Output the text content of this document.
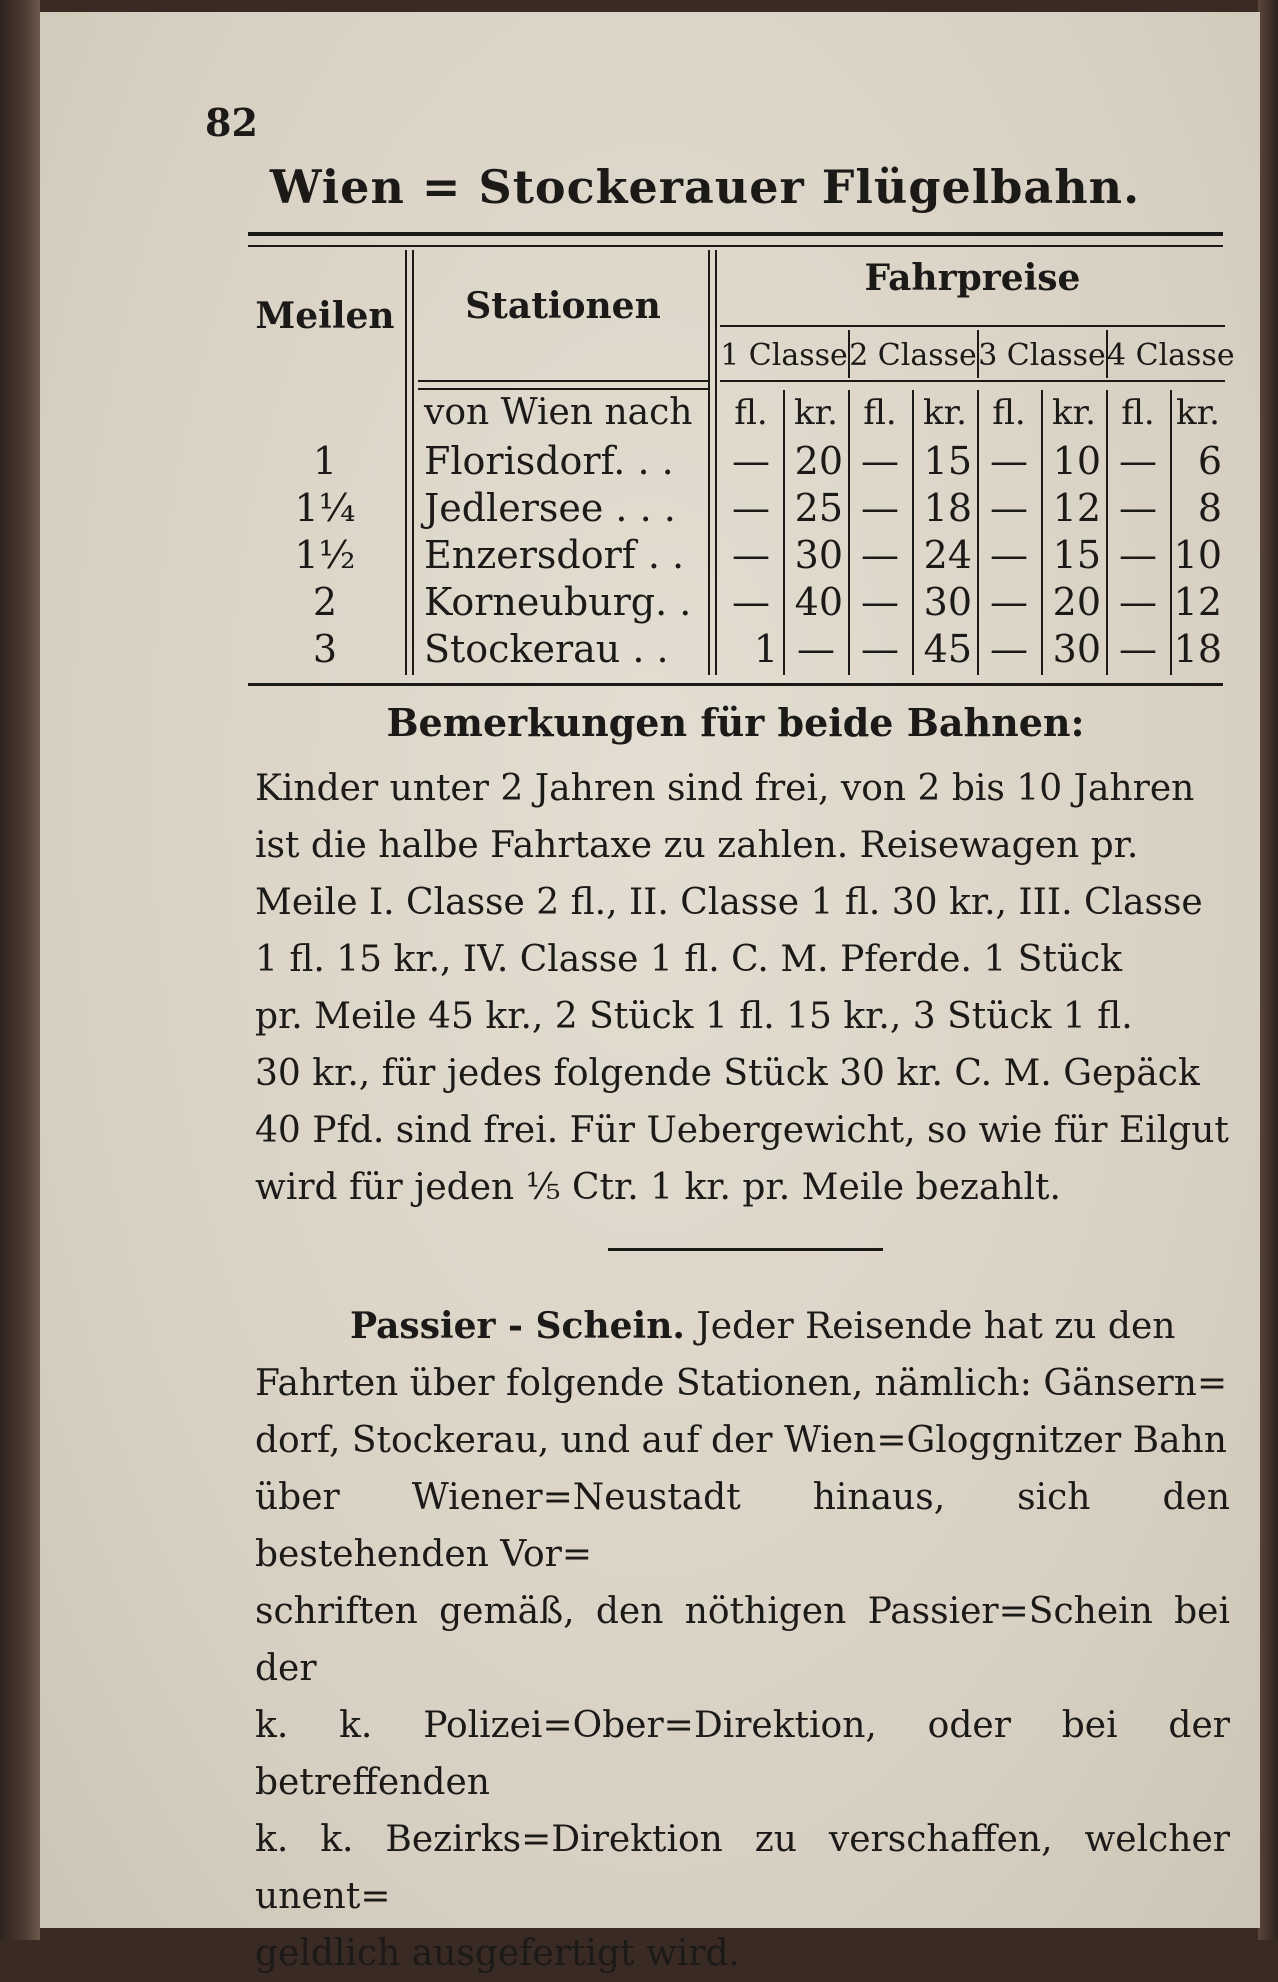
82
Wien = Stockerauer Flügelbahn.
Meilen	Stationen
Fahrpreise
1 Classe 2 Classe 3 Classe 4 Classe
von Wien nach	fl. kr. fl. kr. fl. kr. fl. kr.
1	Florisdorf. . .	— 20 — 15 — 10 —	6
1¼	Jedlersee . . .	— 25 — 18 — 12 —	8
1½	Enzersdorf . .	— 30 — 24 — 15 — 10
2	Korneuburg. .	— 40 — 30 — 20 — 12
3	Stockerau . .	1 — — 45 — 30 — 18
Bemerkungen für beide Bahnen:
Kinder unter 2 Jahren sind frei, von 2 bis 10 Jahren
ist die halbe Fahrtaxe zu zahlen. Reisewagen pr.
Meile I. Classe 2 fl., II. Classe 1 fl. 30 kr., III. Classe
1 fl. 15 kr., IV. Classe 1 fl. C. M. Pferde. 1 Stück
pr. Meile 45 kr., 2 Stück 1 fl. 15 kr., 3 Stück 1 fl.
30 kr., für jedes folgende Stück 30 kr. C. M. Gepäck
40 Pfd. sind frei. Für Uebergewicht, so wie für Eilgut
wird für jeden ⅕ Ctr. 1 kr. pr. Meile bezahlt.
Passier - Schein. Jeder Reisende hat zu den
Fahrten über folgende Stationen, nämlich: Gänsern=
dorf, Stockerau, und auf der Wien=Gloggnitzer Bahn
über Wiener=Neustadt hinaus, sich den bestehenden Vor=
schriften gemäß, den nöthigen Passier=Schein bei der
k. k. Polizei=Ober=Direktion, oder bei der betreffenden
k. k. Bezirks=Direktion zu verschaffen, welcher unent=
geldlich ausgefertigt wird.
